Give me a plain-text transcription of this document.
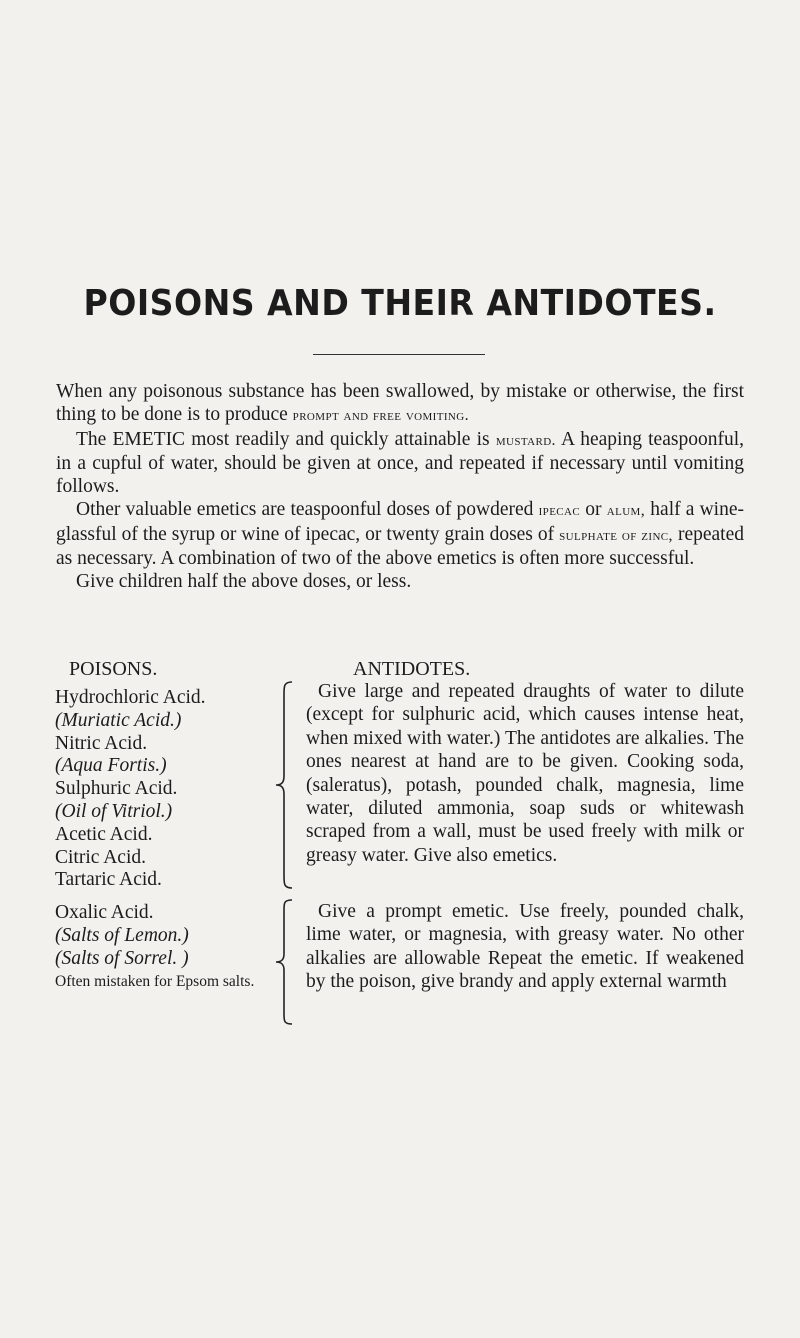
POISONS AND THEIR ANTIDOTES.

When any poisonous substance has been swallowed, by mistake or otherwise, the first thing to be done is to produce prompt and free vomiting.

The EMETIC most readily and quickly attainable is mustard. A heaping teaspoonful, in a cupful of water, should be given at once, and repeated if necessary until vomiting follows.

Other valuable emetics are teaspoonful doses of powdered ipecac or alum, half a wine-glassful of the syrup or wine of ipecac, or twenty grain doses of sulphate of zinc, repeated as necessary. A combination of two of the above emetics is often more successful.

Give children half the above doses, or less.

POISONS.	ANTIDOTES.
Hydrochloric Acid.
(Muriatic Acid.)
Nitric Acid.
(Aqua Fortis.)
Sulphuric Acid.
(Oil of Vitriol.)
Acetic Acid.
Citric Acid.
Tartaric Acid.

Give large and repeated draughts of water to dilute (except for sulphuric acid, which causes intense heat, when mixed with water.) The antidotes are alkalies. The ones nearest at hand are to be given. Cooking soda, (saleratus), potash, pounded chalk, magnesia, lime water, diluted ammonia, soap suds or whitewash scraped from a wall, must be used freely with milk or greasy water. Give also emetics.

Oxalic Acid.
(Salts of Lemon.)
(Salts of Sorrel. )
Often mistaken for Epsom salts.

Give a prompt emetic. Use freely, pounded chalk, lime water, or magnesia, with greasy water. No other alkalies are allowable Repeat the emetic. If weakened by the poison, give brandy and apply external warmth
